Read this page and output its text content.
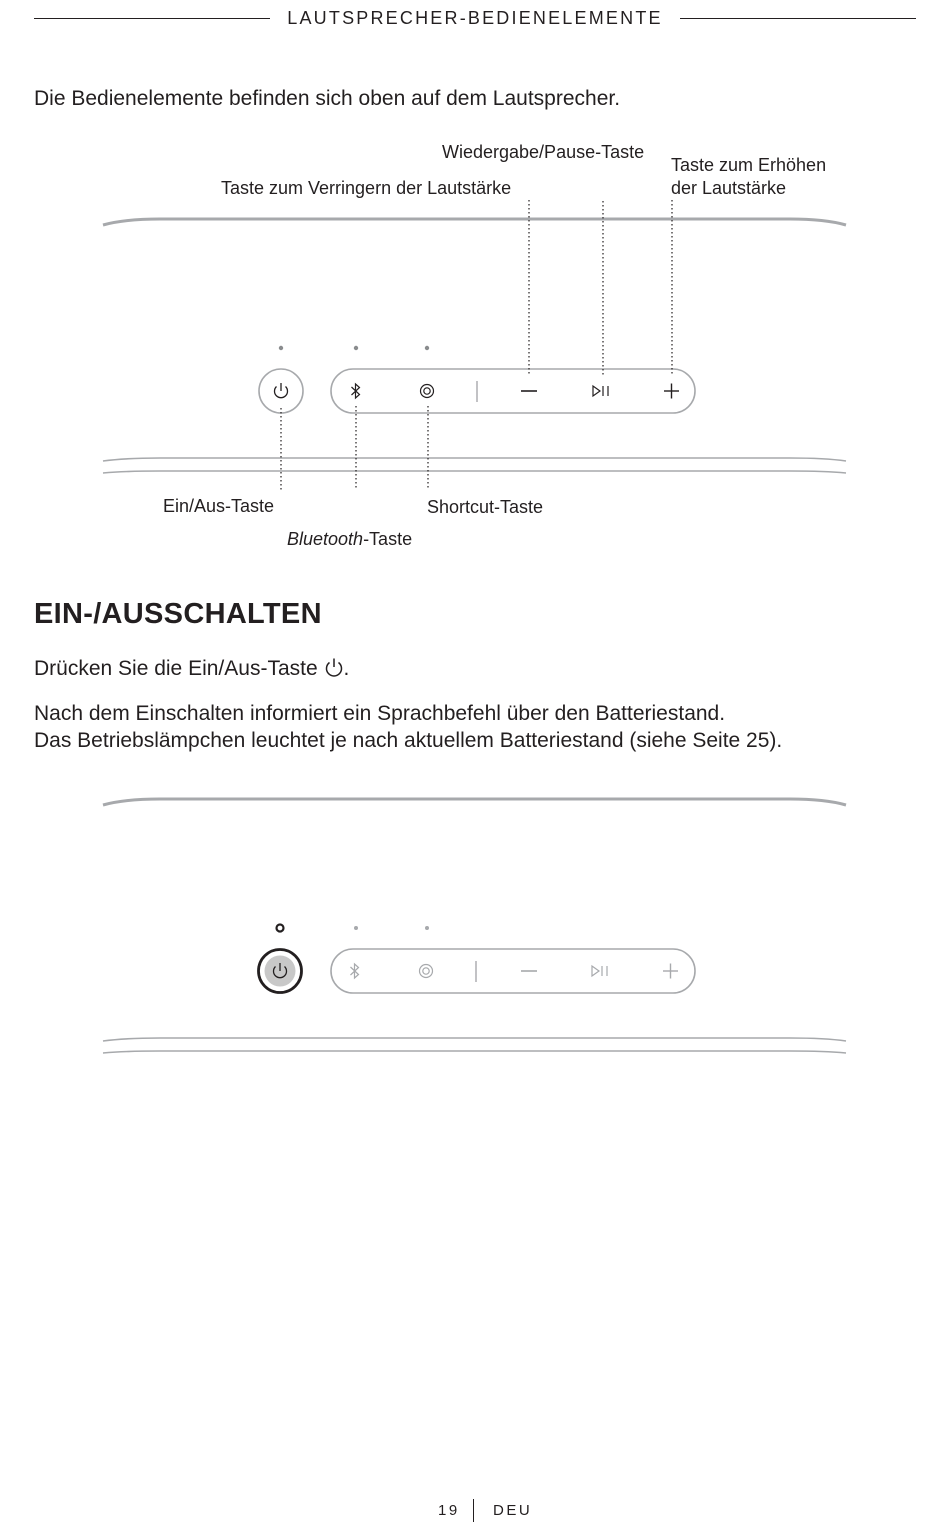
LAUTSPRECHER-BEDIENELEMENTE
Die Bedienelemente befinden sich oben auf dem Lautsprecher.
Wiedergabe/Pause-Taste
Taste zum Verringern der Lautstärke
Taste zum Erhöhen
der Lautstärke
Ein/Aus-Taste
Bluetooth-Taste
Shortcut-Taste
EIN-/AUSSCHALTEN
Drücken Sie die Ein/Aus-Taste .
Nach dem Einschalten informiert ein Sprachbefehl über den Batteriestand.
Das Betriebslämpchen leuchtet je nach aktuellem Batteriestand (siehe Seite 25).
19 DEU
